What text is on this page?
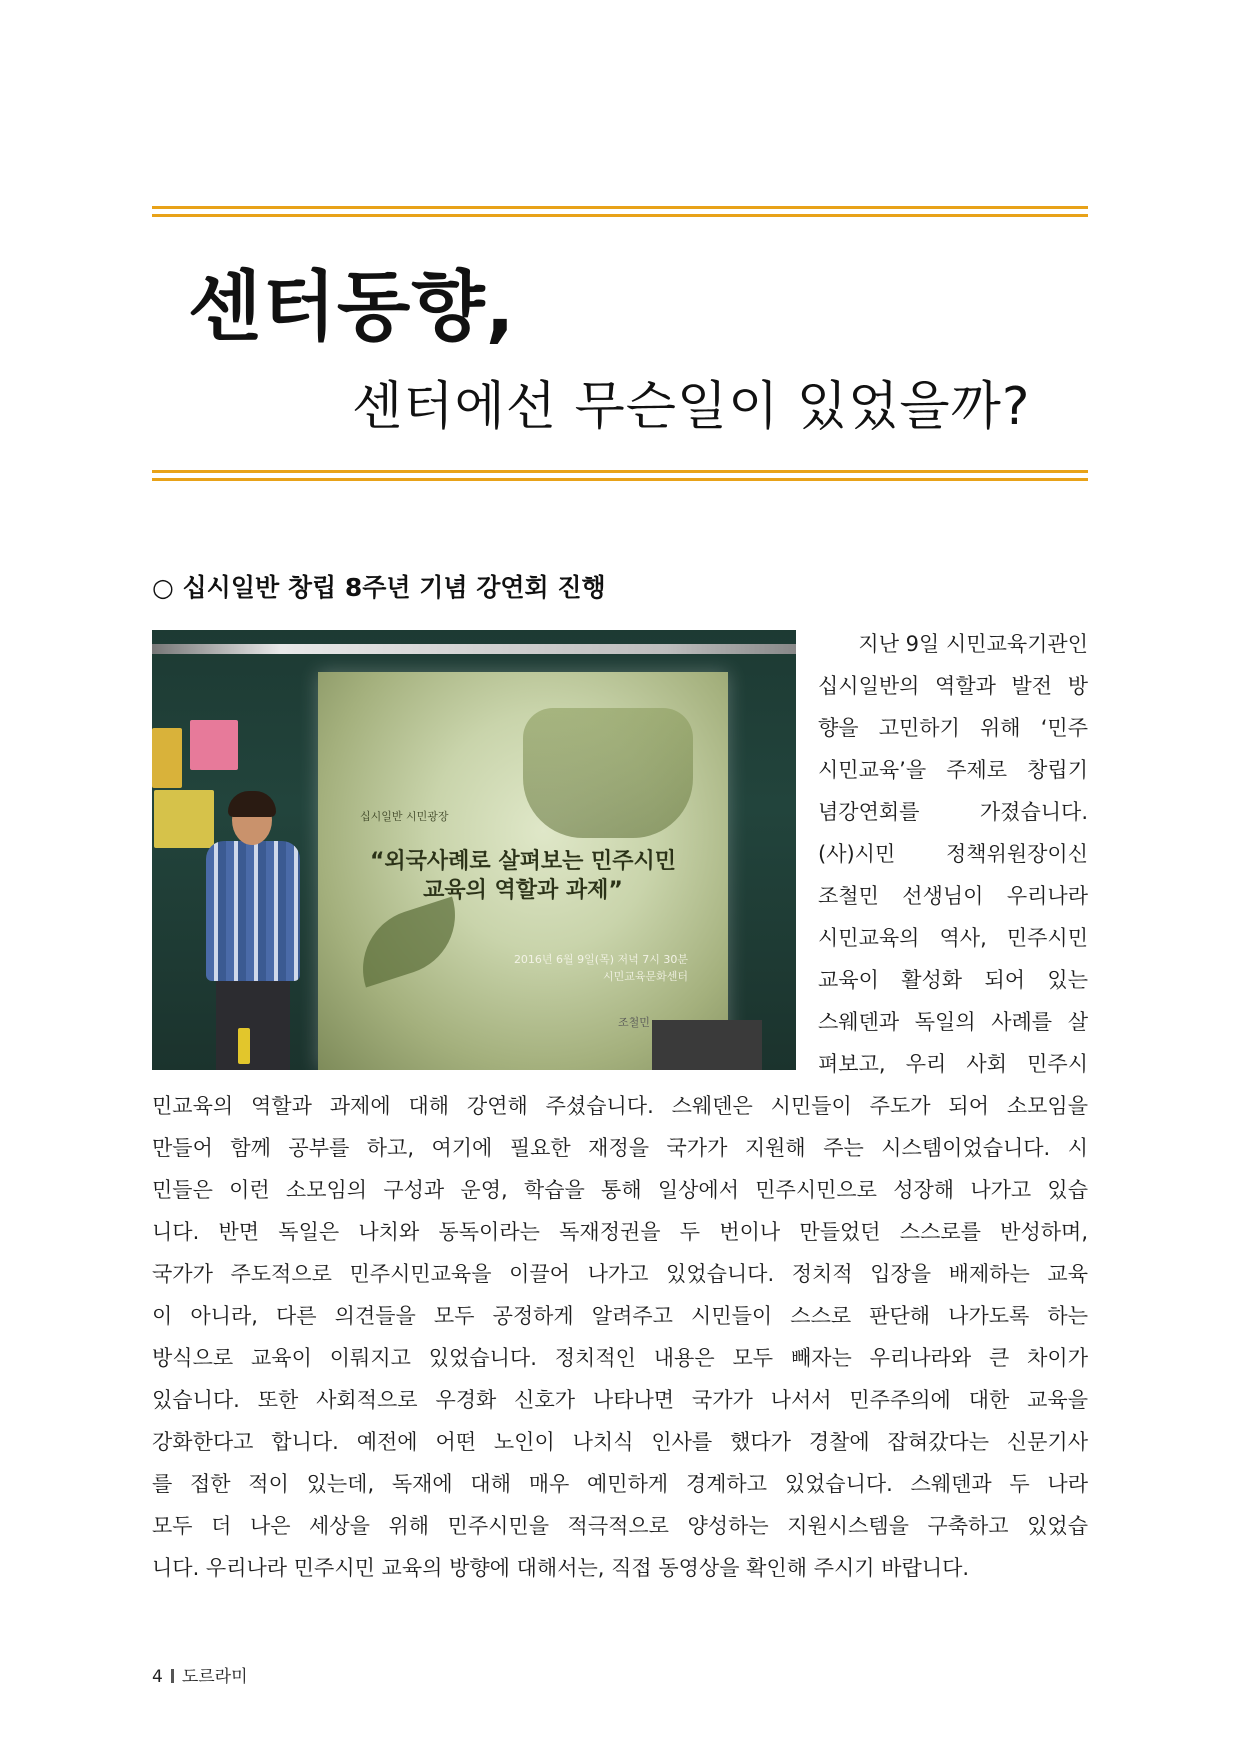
센터동향,
센터에선 무슨일이 있었을까?
○ 십시일반 창립 8주년 기념 강연회 진행
십시일반 시민광장
“외국사례로 살펴보는 민주시민 교육의 역할과 과제”
2016년 6월 9일(목) 저녁 7시 30분
시민교육문화센터
조철민

지난 9일 시민교육기관인

십시일반의 역할과 발전 방

향을 고민하기 위해 ‘민주

시민교육’을 주제로 창립기

념강연회를 가졌습니다.

(사)시민 정책위원장이신

조철민 선생님이 우리나라

시민교육의 역사, 민주시민

교육이 활성화 되어 있는

스웨덴과 독일의 사례를 살

펴보고, 우리 사회 민주시

민교육의 역할과 과제에 대해 강연해 주셨습니다. 스웨덴은 시민들이 주도가 되어 소모임을

만들어 함께 공부를 하고, 여기에 필요한 재정을 국가가 지원해 주는 시스템이었습니다. 시

민들은 이런 소모임의 구성과 운영, 학습을 통해 일상에서 민주시민으로 성장해 나가고 있습

니다. 반면 독일은 나치와 동독이라는 독재정권을 두 번이나 만들었던 스스로를 반성하며,

국가가 주도적으로 민주시민교육을 이끌어 나가고 있었습니다. 정치적 입장을 배제하는 교육

이 아니라, 다른 의견들을 모두 공정하게 알려주고 시민들이 스스로 판단해 나가도록 하는

방식으로 교육이 이뤄지고 있었습니다. 정치적인 내용은 모두 빼자는 우리나라와 큰 차이가

있습니다. 또한 사회적으로 우경화 신호가 나타나면 국가가 나서서 민주주의에 대한 교육을

강화한다고 합니다. 예전에 어떤 노인이 나치식 인사를 했다가 경찰에 잡혀갔다는 신문기사

를 접한 적이 있는데, 독재에 대해 매우 예민하게 경계하고 있었습니다. 스웨덴과 두 나라

모두 더 나은 세상을 위해 민주시민을 적극적으로 양성하는 지원시스템을 구축하고 있었습

니다. 우리나라 민주시민 교육의 방향에 대해서는, 직접 동영상을 확인해 주시기 바랍니다.

4 도르라미
